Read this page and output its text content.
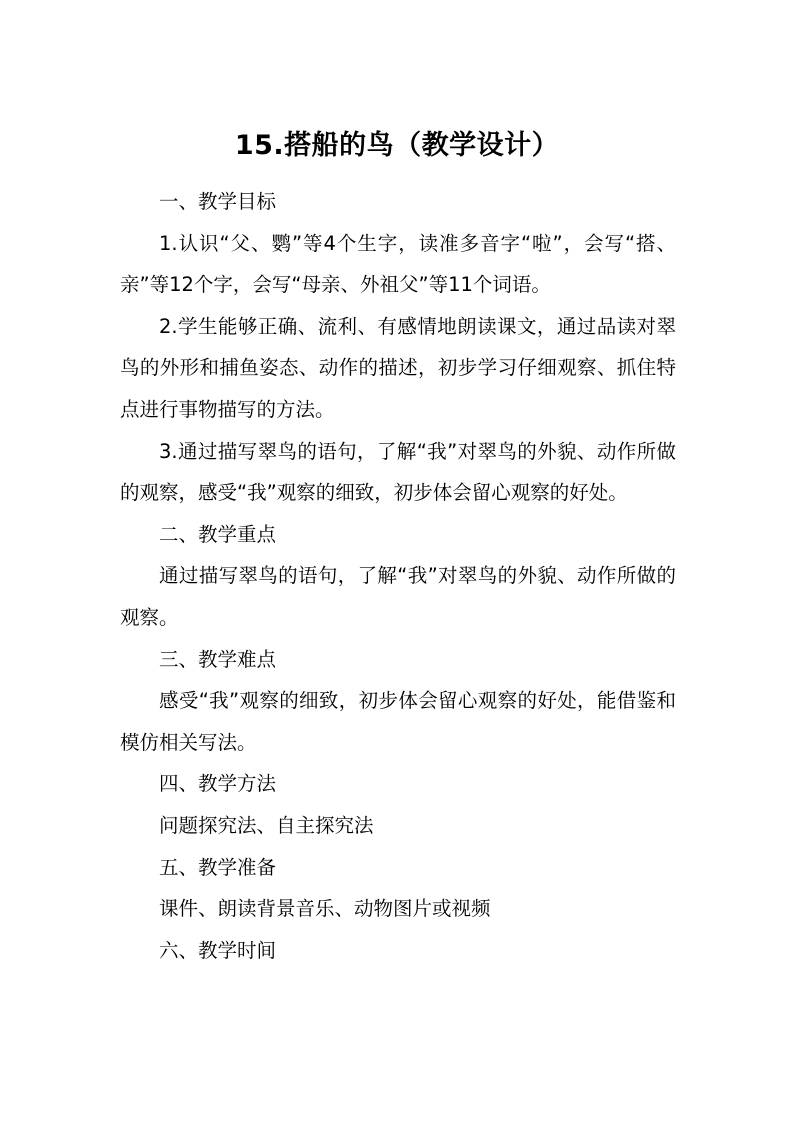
15.搭船的鸟（教学设计）

一、教学目标

1.认识“父、鹦”等4个生字，读准多音字“啦”，会写“搭、亲”等12个字，会写“母亲、外祖父”等11个词语。

2.学生能够正确、流利、有感情地朗读课文，通过品读对翠鸟的外形和捕鱼姿态、动作的描述，初步学习仔细观察、抓住特点进行事物描写的方法。

3.通过描写翠鸟的语句，了解“我”对翠鸟的外貌、动作所做的观察，感受“我”观察的细致，初步体会留心观察的好处。

二、教学重点

通过描写翠鸟的语句，了解“我”对翠鸟的外貌、动作所做的观察。

三、教学难点

感受“我”观察的细致，初步体会留心观察的好处，能借鉴和模仿相关写法。

四、教学方法

问题探究法、自主探究法

五、教学准备

课件、朗读背景音乐、动物图片或视频

六、教学时间
